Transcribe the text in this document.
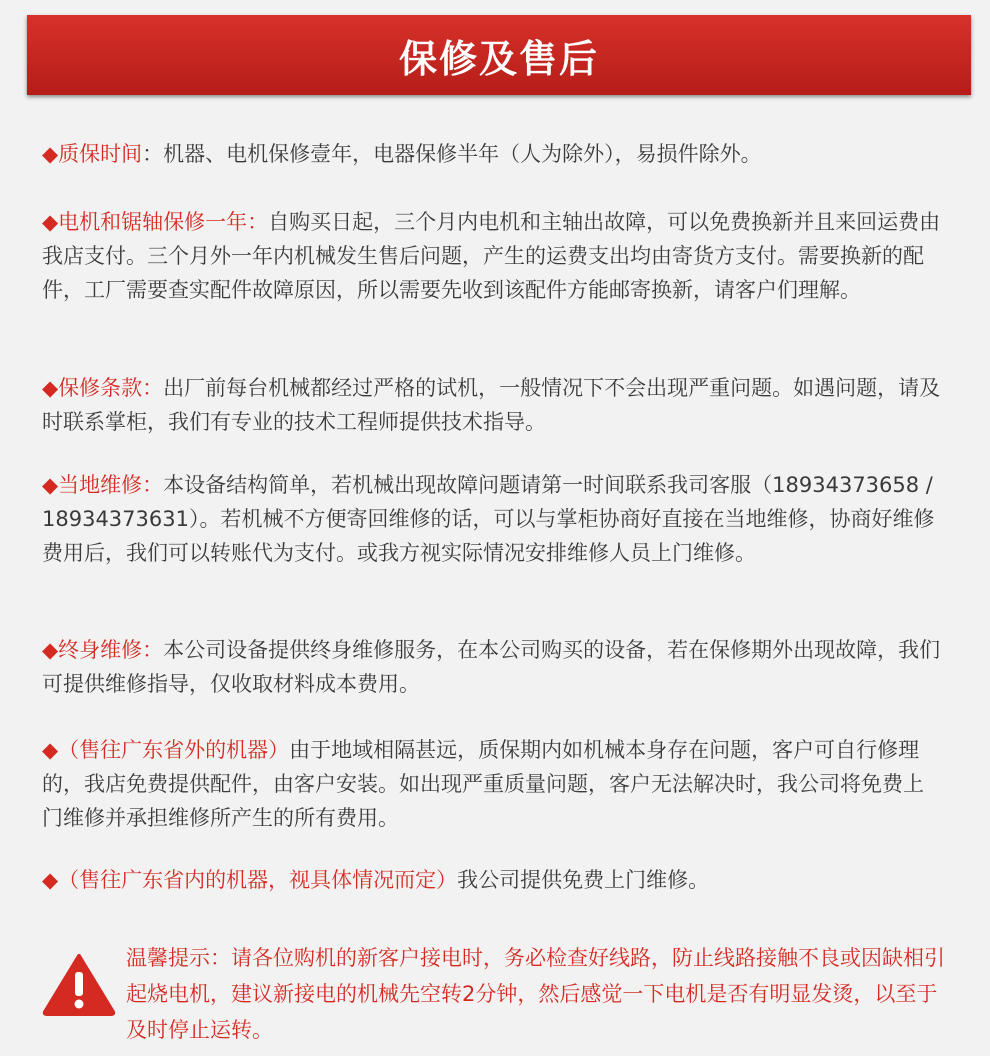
保修及售后

◆质保时间：机器、电机保修壹年，电器保修半年（人为除外），易损件除外。

◆电机和锯轴保修一年：自购买日起，三个月内电机和主轴出故障，可以免费换新并且来回运费由我店支付。三个月外一年内机械发生售后问题，产生的运费支出均由寄货方支付。需要换新的配件，工厂需要查实配件故障原因，所以需要先收到该配件方能邮寄换新，请客户们理解。

◆保修条款：出厂前每台机械都经过严格的试机，一般情况下不会出现严重问题。如遇问题，请及时联系掌柜，我们有专业的技术工程师提供技术指导。

◆当地维修：本设备结构简单，若机械出现故障问题请第一时间联系我司客服（18934373658 / 18934373631）。若机械不方便寄回维修的话，可以与掌柜协商好直接在当地维修，协商好维修费用后，我们可以转账代为支付。或我方视实际情况安排维修人员上门维修。

◆终身维修：本公司设备提供终身维修服务，在本公司购买的设备，若在保修期外出现故障，我们可提供维修指导，仅收取材料成本费用。

◆（售往广东省外的机器）由于地域相隔甚远，质保期内如机械本身存在问题，客户可自行修理的，我店免费提供配件，由客户安装。如出现严重质量问题，客户无法解决时，我公司将免费上门维修并承担维修所产生的所有费用。

◆（售往广东省内的机器，视具体情况而定）我公司提供免费上门维修。

温馨提示：请各位购机的新客户接电时，务必检查好线路，防止线路接触不良或因缺相引起烧电机，建议新接电的机械先空转2分钟，然后感觉一下电机是否有明显发烫，以至于及时停止运转。
